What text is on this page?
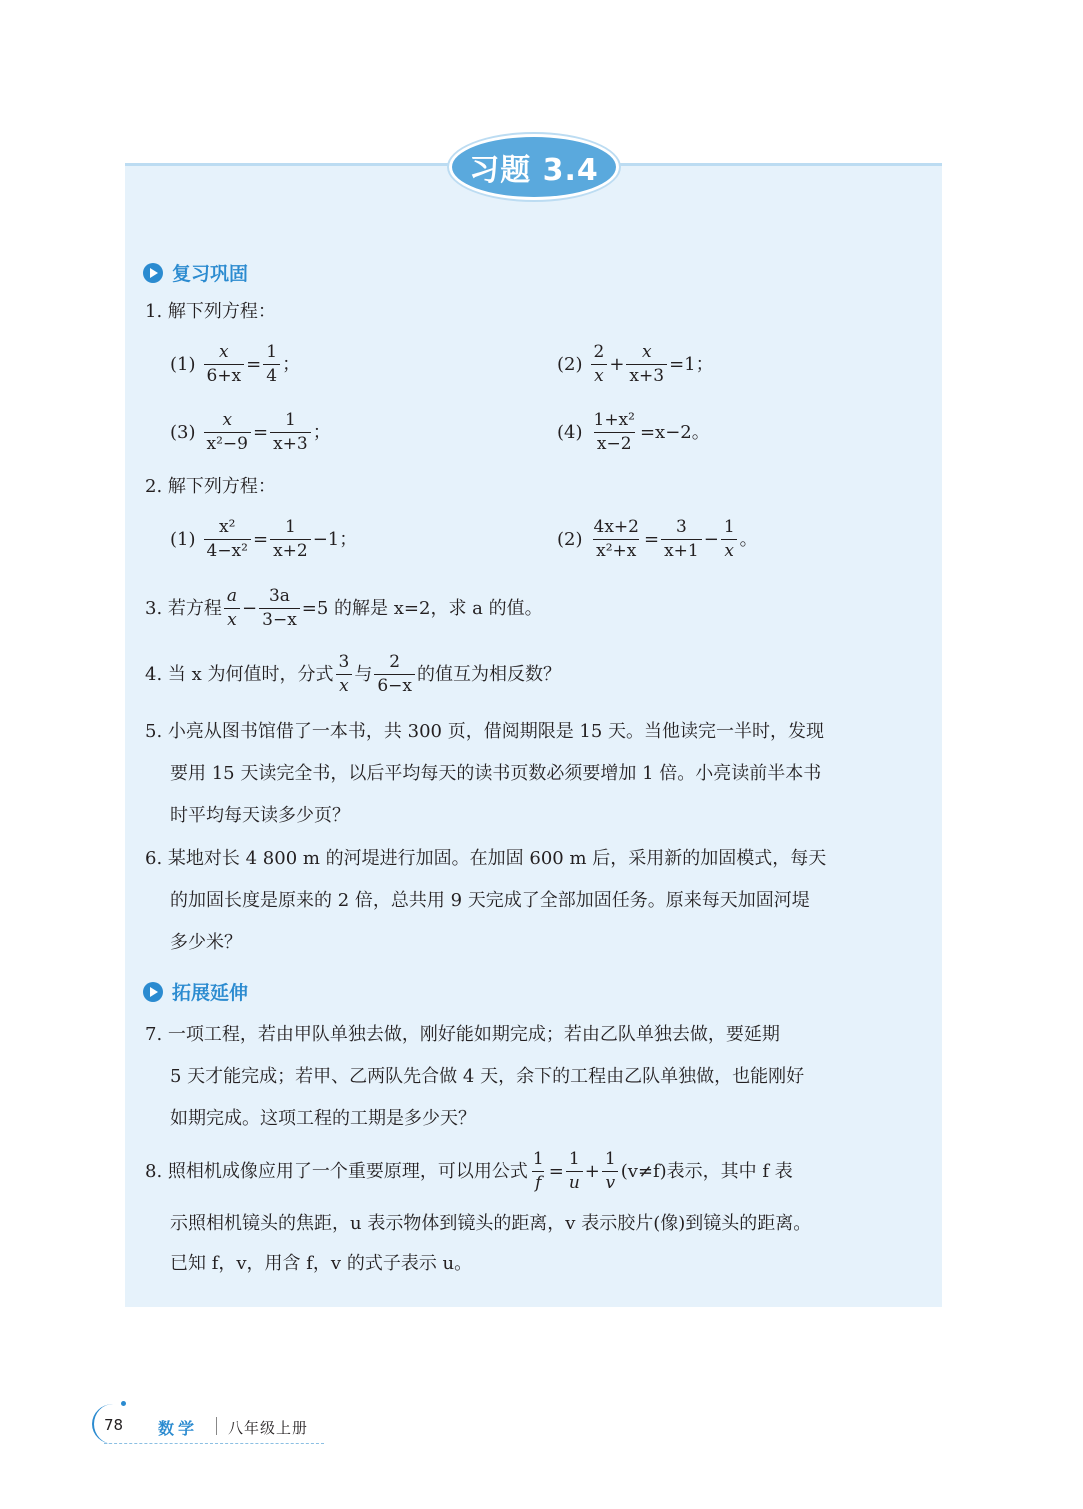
习题 3.4
复习巩固
1. 解下列方程：
$(1) \frac{x}{6+x} = \frac{1}{4}$ ；	$(2) \frac{2}{x} + \frac{x}{x+3} =1$；
$(3) \frac{x}{\text{x²−9}} = \frac{1}{x+3}$ ；	$(4) \frac{\text{1+x²}}{x-2} =x-2$。
2. 解下列方程：
$(1) \frac{\text{x²}}{\text{4−x²}} = \frac{1}{x+2} -1$；	$(2) \frac{4x+2}{\text{x²+x}} = \frac{3}{x+1} - \frac{1}{x}$ 。
3. 若方程 $\frac{a}{x} - \frac{3a}{3-x} =5$ 的解是 x=2，求 a 的值。
4. 当 x 为何值时，分式 $\frac{3}{x}$ 与 $\frac{2}{6-x}$ 的值互为相反数？
5. 小亮从图书馆借了一本书，共 300 页，借阅期限是 15 天。当他读完一半时，发现
要用 15 天读完全书，以后平均每天的读书页数必须要增加 1 倍。小亮读前半本书
时平均每天读多少页？
6. 某地对长 4 800 m 的河堤进行加固。在加固 600 m 后，采用新的加固模式，每天
的加固长度是原来的 2 倍，总共用 9 天完成了全部加固任务。原来每天加固河堤
多少米？
拓展延伸
7. 一项工程，若由甲队单独去做，刚好能如期完成；若由乙队单独去做，要延期
5 天才能完成；若甲、乙两队先合做 4 天，余下的工程由乙队单独做，也能刚好
如期完成。这项工程的工期是多少天？
8. 照相机成像应用了一个重要原理，可以用公式 $\frac{1}{f} = \frac{1}{u} + \frac{1}{v} (v\ne f)$表示，其中 f 表
示照相机镜头的焦距，u 表示物体到镜头的距离，v 表示胶片(像)到镜头的距离。
已知 f，v，用含 f，v 的式子表示 u。
78 数学 八年级上册
